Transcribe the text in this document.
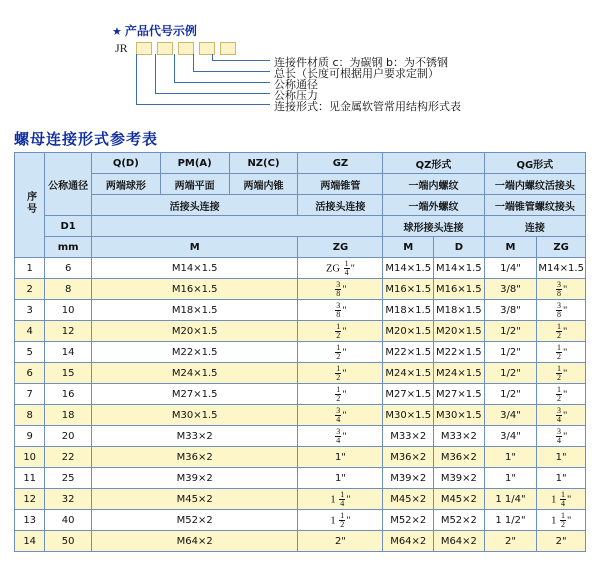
★ 产品代号示例
JR
连接件材质 c：为碳钢 b：为不锈钢
总长（长度可根据用户要求定制）
公称通径
公称压力
连接形式：见金属软管常用结构形式表
螺母连接形式参考表
序号	公称通径	Q(D)	PM(A)	NZ(C)	GZ	QZ形式		QG形式	
		两端球形	两端平面	两端内锥	两端锥管	一端内螺纹		一端内螺纹活接头	
		活接头连接			活接头连接	一端外螺纹		一端锥管螺纹接头	
	D1					球形接头连接		连接	
	mm	M			ZG	M	D	M	ZG
1	6	M14×1.5			ZG $\frac{1}{4}$ "	M14×1.5	M14×1.5	1/4"	M14×1.5
2	8	M16×1.5			$\frac{3}{8}$ "	M16×1.5	M16×1.5	3/8"	$\frac{3}{8}$ "
3	10	M18×1.5			$\frac{3}{8}$ "	M18×1.5	M18×1.5	3/8"	$\frac{3}{8}$ "
4	12	M20×1.5			$\frac{1}{2}$ "	M20×1.5	M20×1.5	1/2"	$\frac{1}{2}$ "
5	14	M22×1.5			$\frac{1}{2}$ "	M22×1.5	M22×1.5	1/2"	$\frac{1}{2}$ "
6	15	M24×1.5			$\frac{1}{2}$ "	M24×1.5	M24×1.5	1/2"	$\frac{1}{2}$ "
7	16	M27×1.5			$\frac{1}{2}$ "	M27×1.5	M27×1.5	1/2"	$\frac{1}{2}$ "
8	18	M30×1.5			$\frac{3}{4}$ "	M30×1.5	M30×1.5	3/4"	$\frac{3}{4}$ "
9	20	M33×2			$\frac{3}{4}$ "	M33×2	M33×2	3/4"	$\frac{3}{4}$ "
10	22	M36×2			1"	M36×2	M36×2	1"	1"
11	25	M39×2			1"	M39×2	M39×2	1"	1"
12	32	M45×2			$1 \frac{1}{4}$ "	M45×2	M45×2	1 1/4"	$1 \frac{1}{4}$ "
13	40	M52×2			$1 \frac{1}{2}$ "	M52×2	M52×2	1 1/2"	$1 \frac{1}{2}$ "
14	50	M64×2			2"	M64×2	M64×2	2"	2"
